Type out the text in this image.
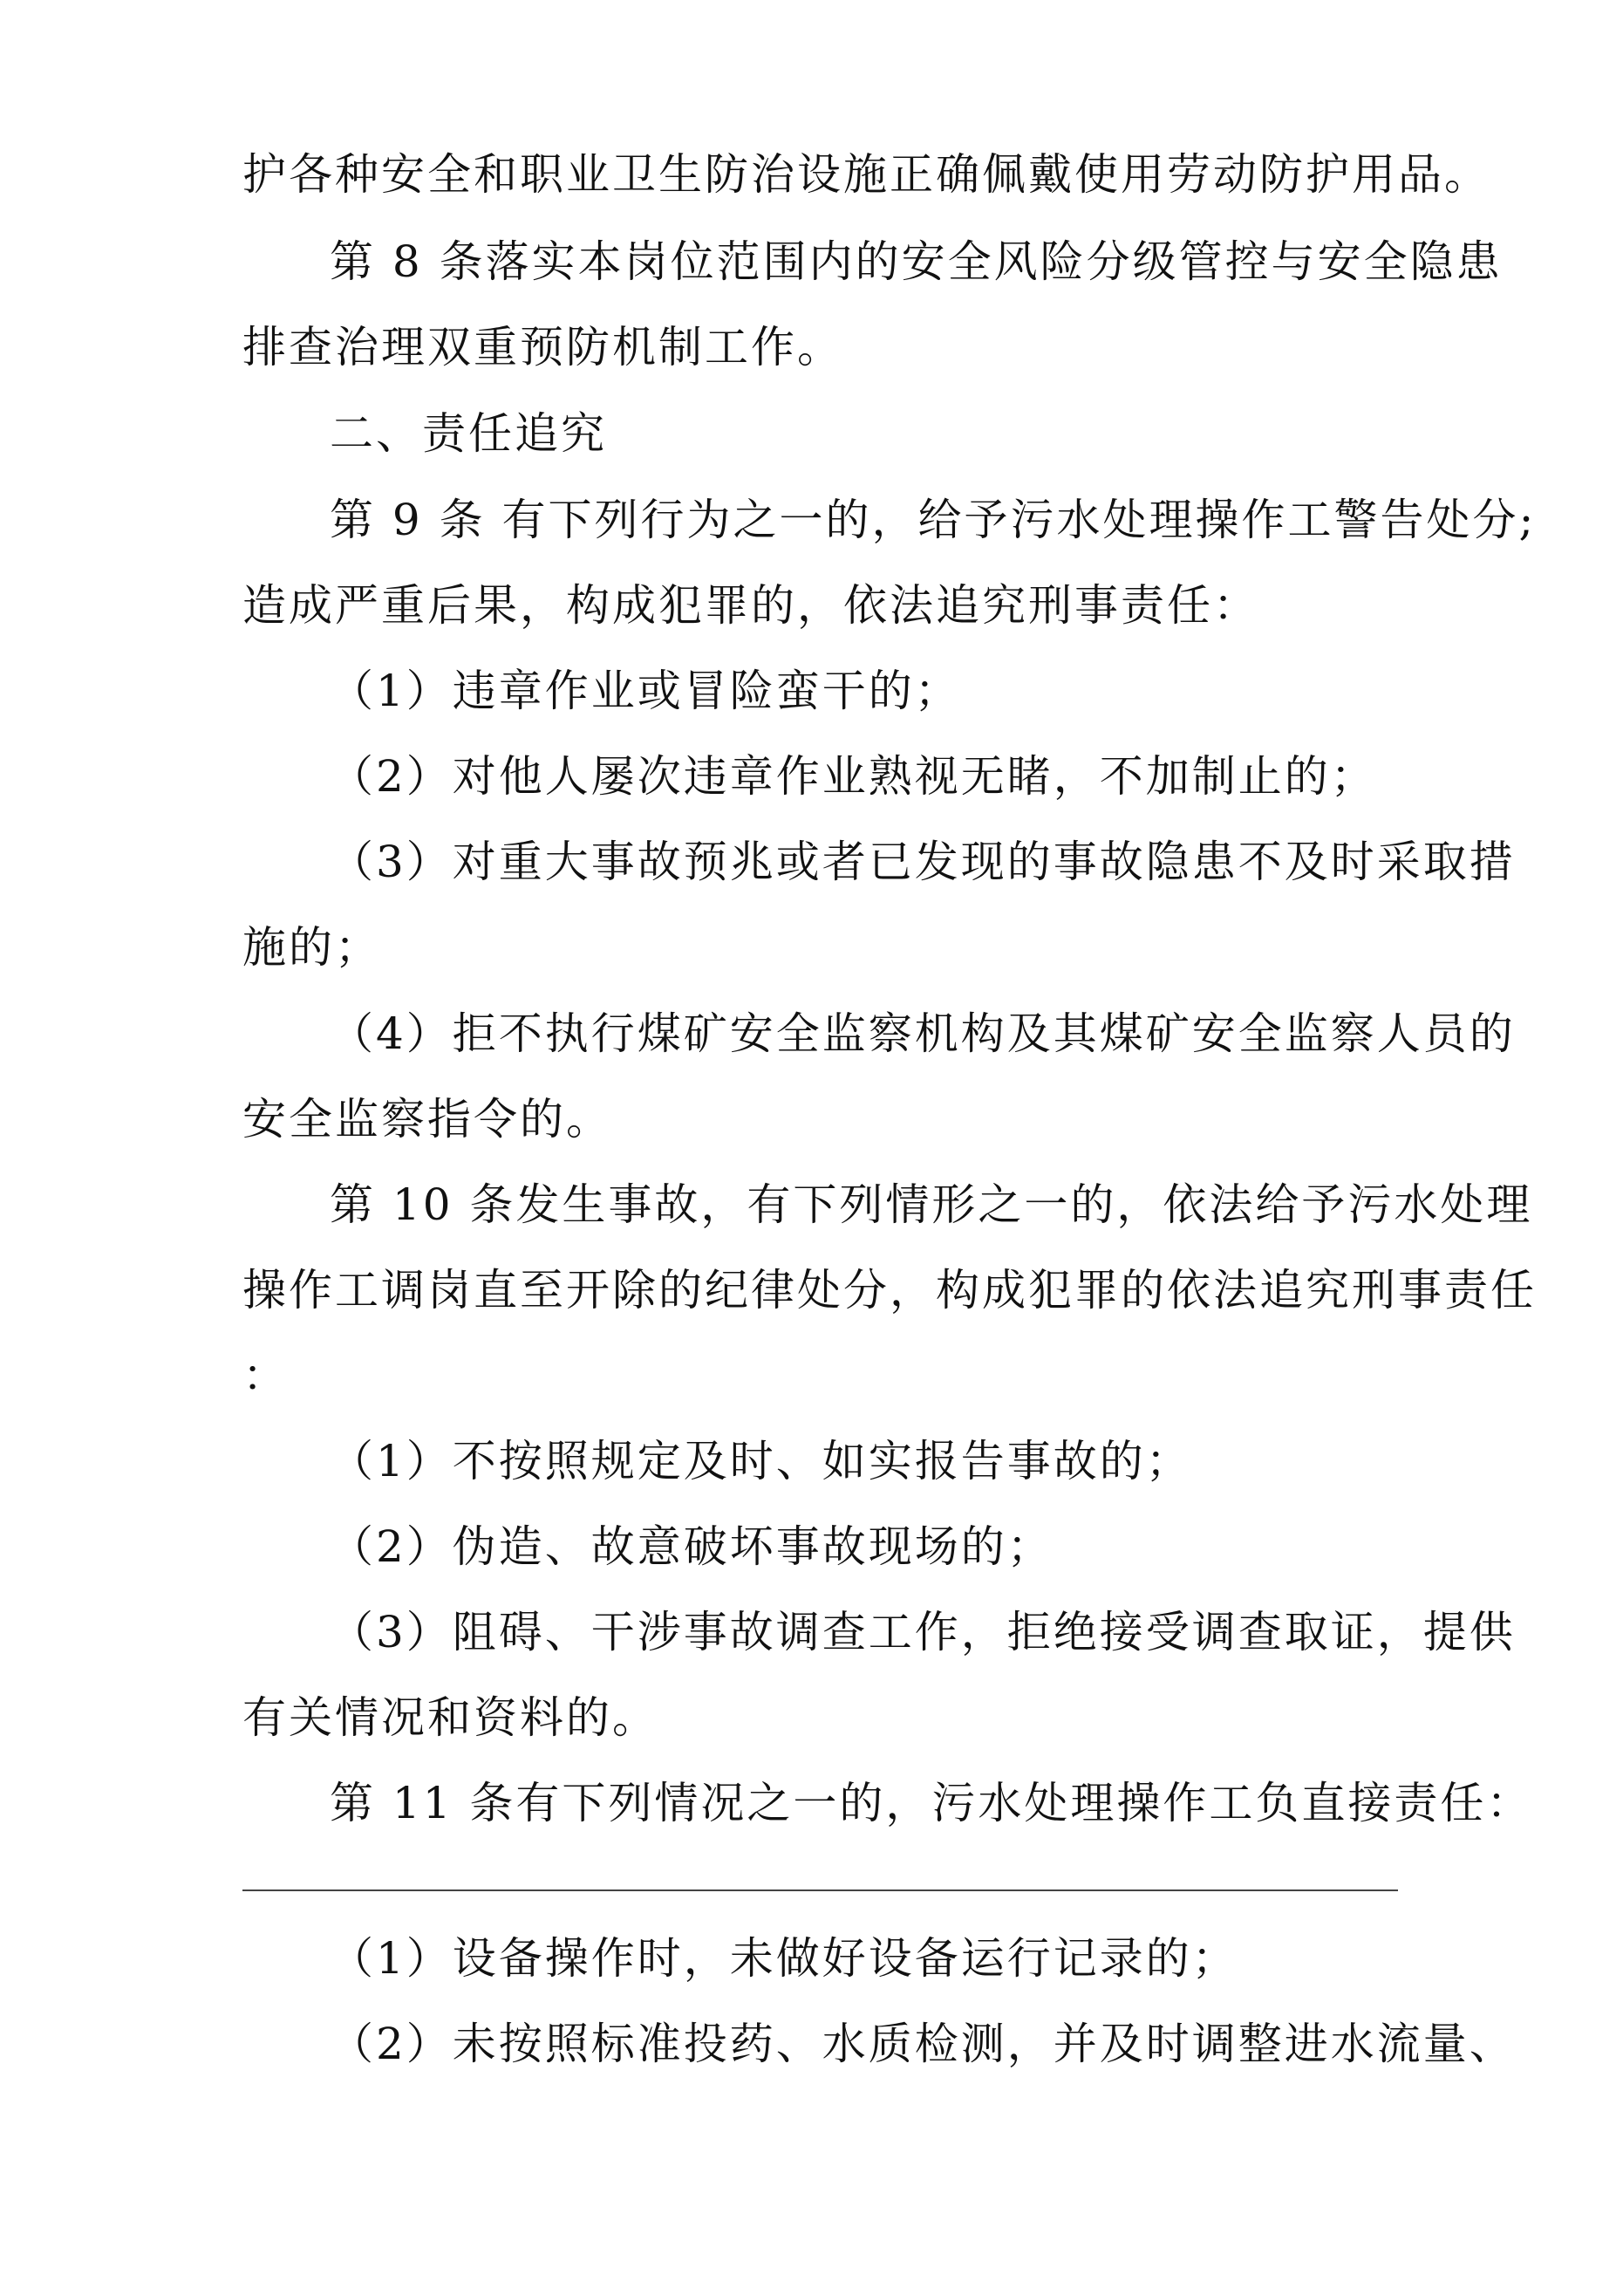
护各种安全和职业卫生防治设施正确佩戴使用劳动防护用品。
第 8 条落实本岗位范围内的安全风险分级管控与安全隐患
排查治理双重预防机制工作。
二、责任追究
第 9 条 有下列行为之一的，给予污水处理操作工警告处分;
造成严重后果，构成犯罪的，依法追究刑事责任：
（1）违章作业或冒险蛮干的；
（2）对他人屡次违章作业熟视无睹，不加制止的；
（3）对重大事故预兆或者已发现的事故隐患不及时采取措
施的；
（4）拒不执行煤矿安全监察机构及其煤矿安全监察人员的
安全监察指令的。
第 10 条发生事故，有下列情形之一的，依法给予污水处理
操作工调岗直至开除的纪律处分，构成犯罪的依法追究刑事责任
：
（1）不按照规定及时、如实报告事故的；
（2）伪造、故意破坏事故现场的；
（3）阻碍、干涉事故调查工作，拒绝接受调查取证，提供
有关情况和资料的。
第 11 条有下列情况之一的，污水处理操作工负直接责任：
（1）设备操作时，未做好设备运行记录的；
（2）未按照标准投药、水质检测，并及时调整进水流量、
